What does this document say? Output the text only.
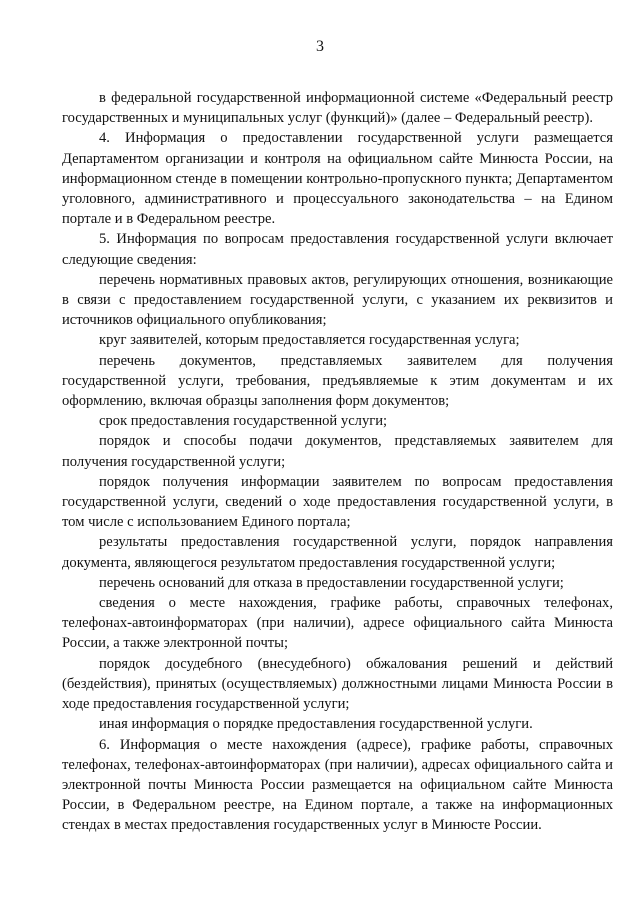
3

в федеральной государственной информационной системе «Федеральный реестр государственных и муниципальных услуг (функций)» (далее – Федеральный реестр).

4. Информация о предоставлении государственной услуги размещается Департаментом организации и контроля на официальном сайте Минюста России, на информационном стенде в помещении контрольно-пропускного пункта; Департаментом уголовного, административного и процессуального законодательства – на Едином портале и в Федеральном реестре.

5. Информация по вопросам предоставления государственной услуги включает следующие сведения:

перечень нормативных правовых актов, регулирующих отношения, возникающие в связи с предоставлением государственной услуги, с указанием их реквизитов и источников официального опубликования;

круг заявителей, которым предоставляется государственная услуга;

перечень документов, представляемых заявителем для получения государственной услуги, требования, предъявляемые к этим документам и их оформлению, включая образцы заполнения форм документов;

срок предоставления государственной услуги;

порядок и способы подачи документов, представляемых заявителем для получения государственной услуги;

порядок получения информации заявителем по вопросам предоставления государственной услуги, сведений о ходе предоставления государственной услуги, в том числе с использованием Единого портала;

результаты предоставления государственной услуги, порядок направления документа, являющегося результатом предоставления государственной услуги;

перечень оснований для отказа в предоставлении государственной услуги;

сведения о месте нахождения, графике работы, справочных телефонах, телефонах-автоинформаторах (при наличии), адресе официального сайта Минюста России, а также электронной почты;

порядок досудебного (внесудебного) обжалования решений и действий (бездействия), принятых (осуществляемых) должностными лицами Минюста России в ходе предоставления государственной услуги;

иная информация о порядке предоставления государственной услуги.

6. Информация о месте нахождения (адресе), графике работы, справочных телефонах, телефонах-автоинформаторах (при наличии), адресах официального сайта и электронной почты Минюста России размещается на официальном сайте Минюста России, в Федеральном реестре, на Едином портале, а также на информационных стендах в местах предоставления государственных услуг в Минюсте России.
